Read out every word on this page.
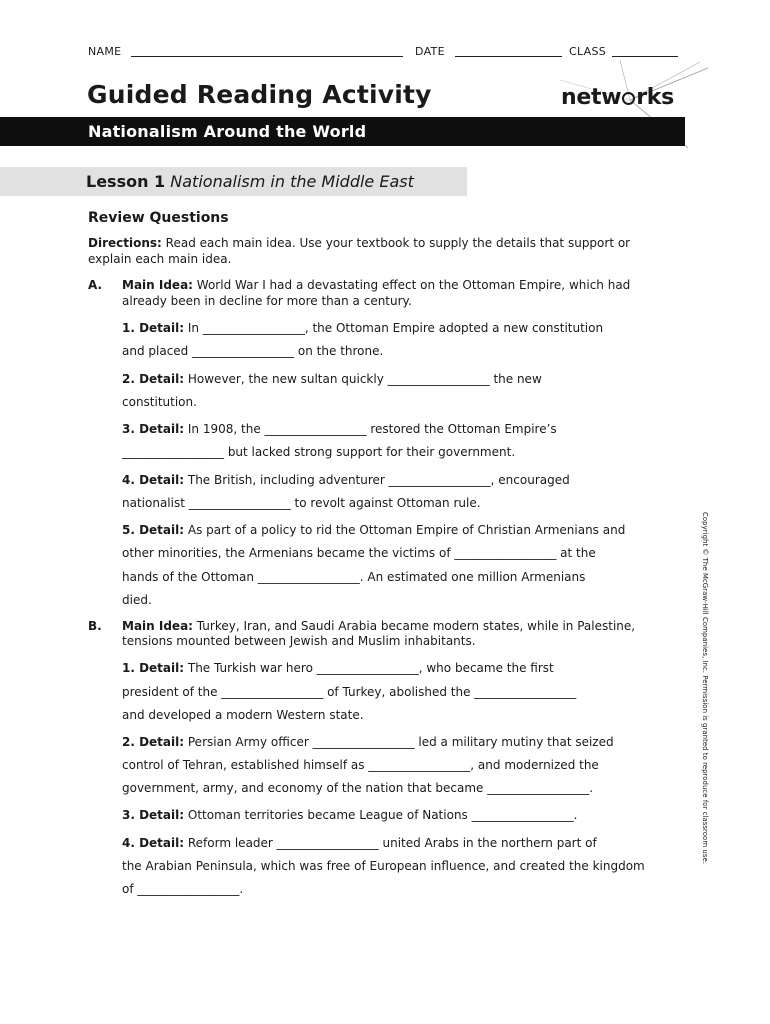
NAME	DATE	CLASS
Guided Reading Activity	netw rks
Nationalism Around the World
Lesson 1 Nationalism in the Middle East
Review Questions
Directions: Read each main idea. Use your textbook to supply the details that support or
explain each main idea.
A. Main Idea: World War I had a devastating effect on the Ottoman Empire, which had
already been in decline for more than a century.
1. Detail: In _________________, the Ottoman Empire adopted a new constitution
and placed _________________ on the throne.
2. Detail: However, the new sultan quickly _________________ the new
constitution.
3. Detail: In 1908, the _________________ restored the Ottoman Empire’s
_________________ but lacked strong support for their government.
4. Detail: The British, including adventurer _________________, encouraged
nationalist _________________ to revolt against Ottoman rule.
5. Detail: As part of a policy to rid the Ottoman Empire of Christian Armenians and
other minorities, the Armenians became the victims of _________________ at the
hands of the Ottoman _________________. An estimated one million Armenians
died.
B. Main Idea: Turkey, Iran, and Saudi Arabia became modern states, while in Palestine,
tensions mounted between Jewish and Muslim inhabitants.
1. Detail: The Turkish war hero _________________, who became the first
president of the _________________ of Turkey, abolished the _________________
and developed a modern Western state.
2. Detail: Persian Army officer _________________ led a military mutiny that seized
control of Tehran, established himself as _________________, and modernized the
government, army, and economy of the nation that became _________________.
3. Detail: Ottoman territories became League of Nations _________________.
4. Detail: Reform leader _________________ united Arabs in the northern part of
the Arabian Peninsula, which was free of European influence, and created the kingdom
of _________________.
Copyright © The McGraw-Hill Companies, Inc. Permission is granted to reproduce for classroom use.
